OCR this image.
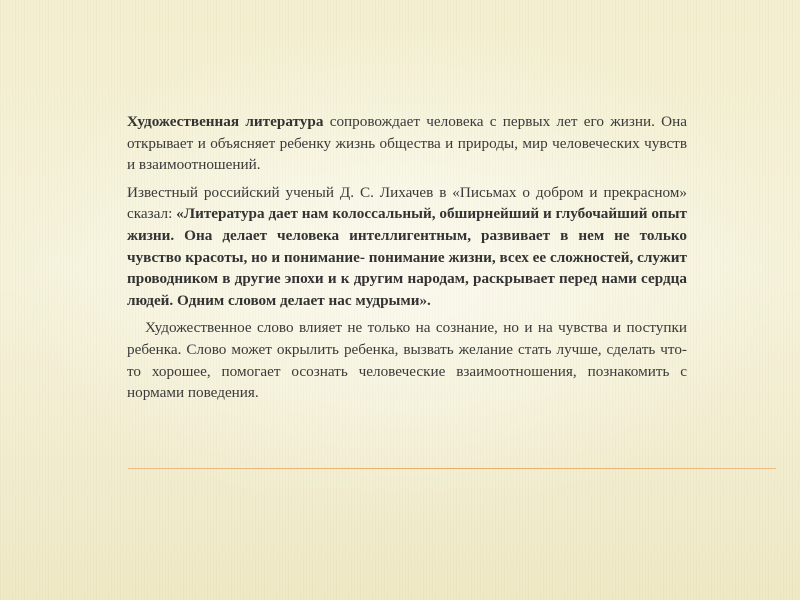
Художественная литература сопровождает человека с первых лет его жизни. Она открывает и объясняет ребенку жизнь общества и природы, мир человеческих чувств и взаимоотношений.

Известный российский ученый Д. С. Лихачев в «Письмах о добром и прекрасном» сказал: «Литература дает нам колоссальный, обширнейший и глубочайший опыт жизни. Она делает человека интеллигентным, развивает в нем не только чувство красоты, но и понимание- понимание жизни, всех ее сложностей, служит проводником в другие эпохи и к другим народам, раскрывает перед нами сердца людей. Одним словом делает нас мудрыми».

Художественное слово влияет не только на сознание, но и на чувства и поступки ребенка. Слово может окрылить ребенка, вызвать желание стать лучше, сделать что-то хорошее, помогает осознать человеческие взаимоотношения, познакомить с нормами поведения.
